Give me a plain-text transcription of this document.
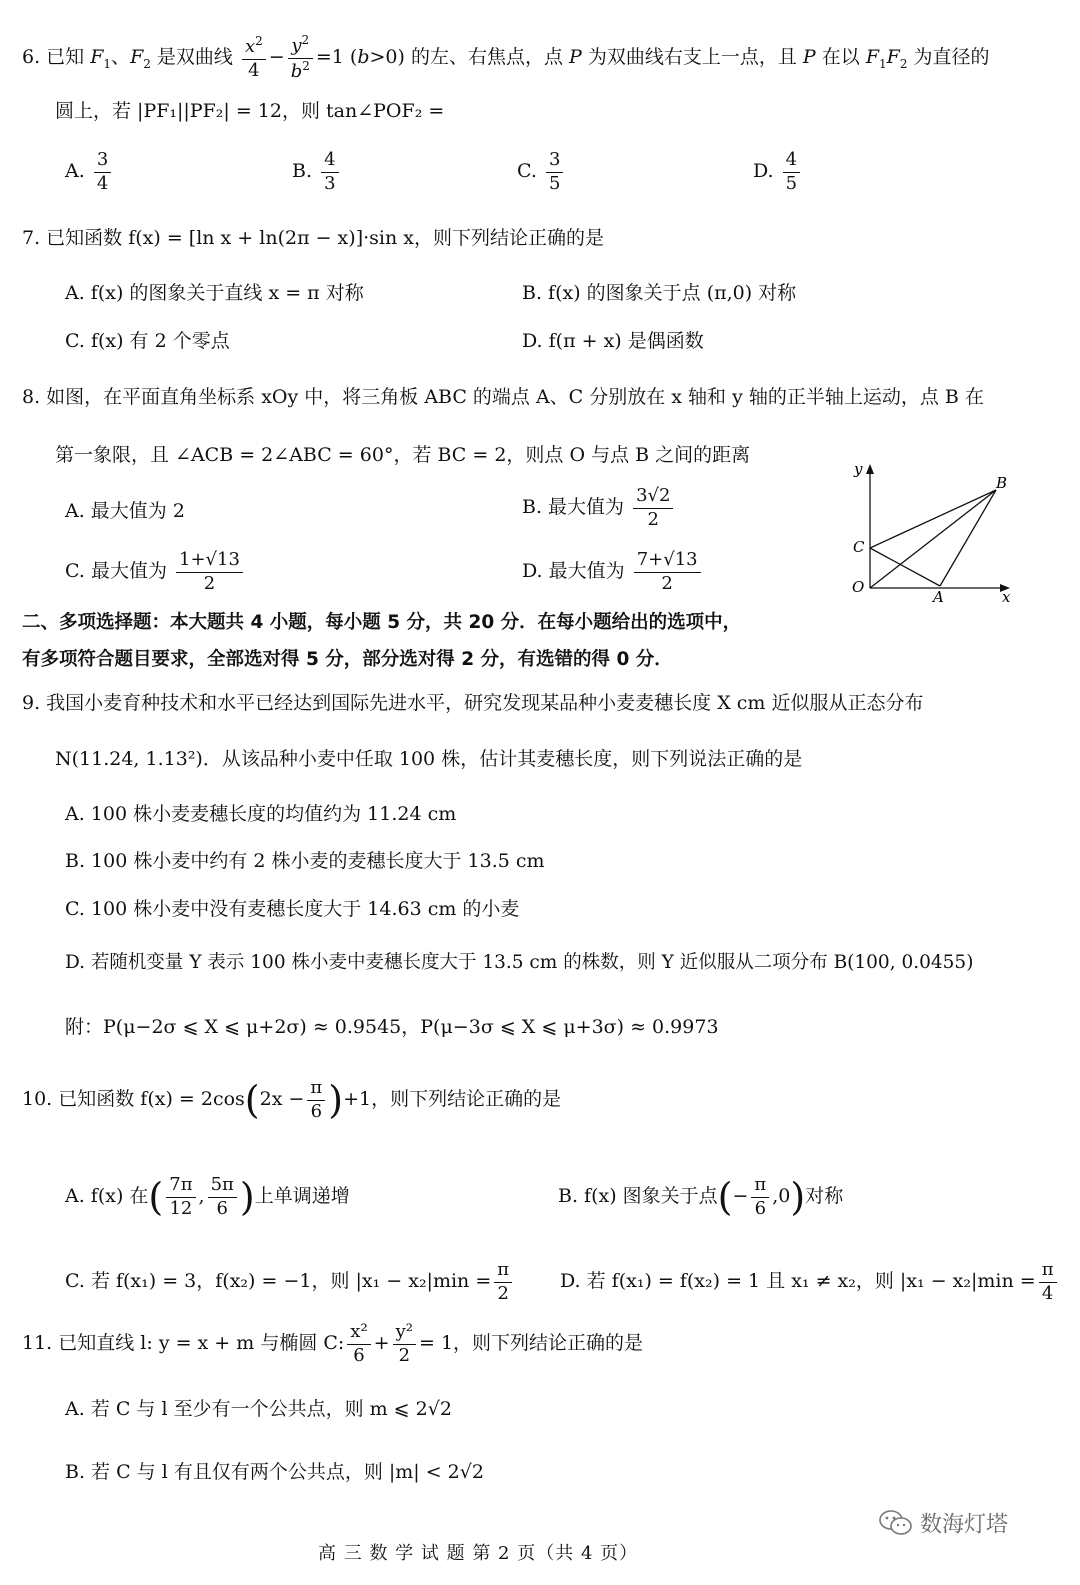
6. 已知 $F_1$、$F_2$ 是双曲线 $\frac{x^2}{4} - \frac{y^2}{b^2} =1$ (b>0) 的左、右焦点，点 P 为双曲线右支上一点，且 P 在以 $F_1F_2$ 为直径的
圆上，若 |PF₁||PF₂| = 12，则 tan∠POF₂ =
A. $\frac{3}{4}$	B. $\frac{4}{3}$	C. $\frac{3}{5}$	D. $\frac{4}{5}$
7. 已知函数 f(x) = [ln x + ln(2π − x)]·sin x，则下列结论正确的是
A. f(x) 的图象关于直线 x = π 对称	B. f(x) 的图象关于点 (π,0) 对称
C. f(x) 有 2 个零点	D. f(π + x) 是偶函数
8. 如图，在平面直角坐标系 xOy 中，将三角板 ABC 的端点 A、C 分别放在 x 轴和 y 轴的正半轴上运动，点 B 在
第一象限，且 ∠ACB = 2∠ABC = 60°，若 BC = 2，则点 O 与点 B 之间的距离
A. 最大值为 2	B. 最大值为 $\frac{3√2}{2}$
C. 最大值为 $\frac{1+√13}{2}$	D. 最大值为 $\frac{7+√13}{2}$
y
x
O
A
B
C
二、多项选择题：本大题共 4 小题，每小题 5 分，共 20 分．在每小题给出的选项中，
有多项符合题目要求，全部选对得 5 分，部分选对得 2 分，有选错的得 0 分．
9. 我国小麦育种技术和水平已经达到国际先进水平，研究发现某品种小麦麦穗长度 X cm 近似服从正态分布
N(11.24, 1.13²)．从该品种小麦中任取 100 株，估计其麦穗长度，则下列说法正确的是
A. 100 株小麦麦穗长度的均值约为 11.24 cm
B. 100 株小麦中约有 2 株小麦的麦穗长度大于 13.5 cm
C. 100 株小麦中没有麦穗长度大于 14.63 cm 的小麦
D. 若随机变量 Y 表示 100 株小麦中麦穗长度大于 13.5 cm 的株数，则 Y 近似服从二项分布 B(100, 0.0455)
附：P(μ−2σ ⩽ X ⩽ μ+2σ) ≈ 0.9545，P(μ−3σ ⩽ X ⩽ μ+3σ) ≈ 0.9973
10. 已知函数 $f(x) = 2\cos(2x - \frac{\pi}{6} )+1$，则下列结论正确的是
A. f(x) 在( $\frac{7\pi}{12}$ , $\frac{5\pi}{6}$ )上单调递增	B. f(x) 图象关于点(− $\frac{\pi}{6} ,0$)对称
C. 若 f(x₁) = 3，f(x₂) = −1，则 $|x_1 - x_2|\min = \frac{\pi}{2}$	D. 若 f(x₁) = f(x₂) = 1 且 x₁ ≠ x₂，则 $|x_1 - x_2|\min = \frac{\pi}{4}$
11. 已知直线 l: y = x + m 与椭圆 C: $\frac{\text{x²}}{6} + \frac{\text{y²}}{2} = 1$，则下列结论正确的是
A. 若 C 与 l 至少有一个公共点，则 m ⩽ 2√2
B. 若 C 与 l 有且仅有两个公共点，则 |m| < 2√2
数海灯塔
高 三 数 学 试 题 第 2 页（共 4 页）
